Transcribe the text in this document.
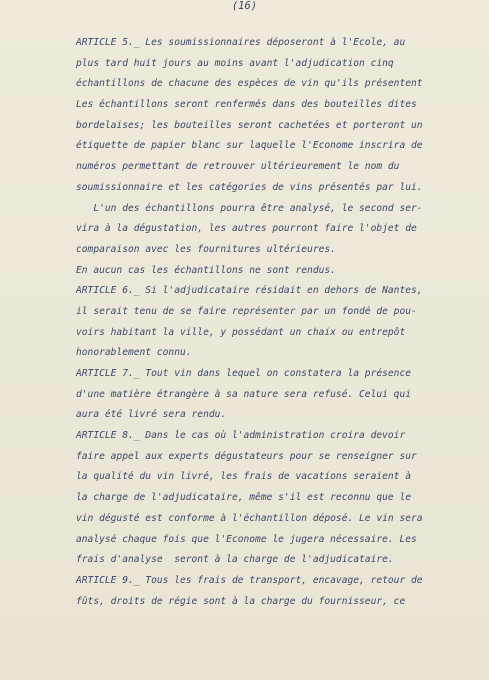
(16)
ARTICLE 5._ Les soumissionnaires déposeront à l'Ecole, au
plus tard huit jours au moins avant l'adjudication cinq
échantillons de chacune des espèces de vin qu'ils présentent
Les échantillons seront renfermés dans des bouteilles dites
bordelaises; les bouteilles seront cachetées et porteront un
étiquette de papier blanc sur laquelle l'Econome inscrira de
numéros permettant de retrouver ultérieurement le nom du
soumissionnaire et les catégories de vins présentés par lui.
L'un des échantillons pourra être analysé, le second ser-
vira à la dégustation, les autres pourront faire l'objet de
comparaison avec les fournitures ultérieures.
En aucun cas les échantillons ne sont rendus.
ARTICLE 6._ Si l'adjudicataire résidait en dehors de Nantes,
il serait tenu de se faire représenter par un fondé de pou-
voirs habitant la ville, y possédant un chaix ou entrepôt
honorablement connu.
ARTICLE 7._ Tout vin dans lequel on constatera la présence
d'une matière étrangère à sa nature sera refusé. Celui qui
aura été livré sera rendu.
ARTICLE 8._ Dans le cas où l'administration croira devoir
faire appel aux experts dégustateurs pour se renseigner sur
la qualité du vin livré, les frais de vacations seraient à
la charge de l'adjudicataire, même s'il est reconnu que le
vin dégusté est conforme à l'échantillon déposé. Le vin sera
analysé chaque fois que l'Econome le jugera nécessaire. Les
frais d'analyse  seront à la charge de l'adjudicataire.
ARTICLE 9._ Tous les frais de transport, encavage, retour de
fûts, droits de régie sont à la charge du fournisseur, ce
